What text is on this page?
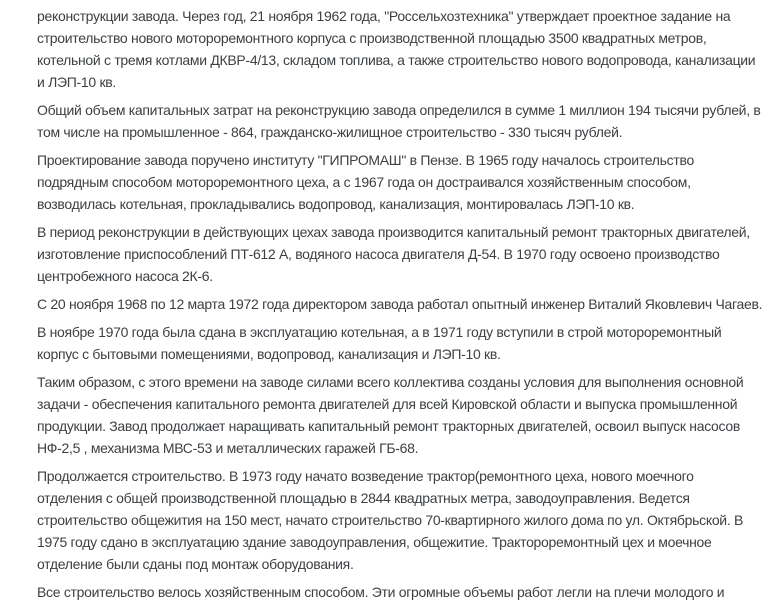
реконструкции завода. Через год, 21 ноября 1962 года, "Россельхозтехника" утверждает проектное задание на
строительство нового мотороремонтного корпуса с производственной площадью 3500 квадратных метров,
котельной с тремя котлами ДКВР-4/13, складом топлива, а также строительство нового водопровода, канализации
и ЛЭП-10 кв.
Общий объем капитальных затрат на реконструкцию завода определился в сумме 1 миллион 194 тысячи рублей, в
том числе на промышленное - 864, гражданско-жилищное строительство - 330 тысяч рублей.
Проектирование завода поручено институту "ГИПРОМАШ" в Пензе. В 1965 году началось строительство
подрядным способом мотороремонтного цеха, а с 1967 года он достраивался хозяйственным способом,
возводилась котельная, прокладывались водопровод, канализация, монтировалась ЛЭП-10 кв.
В период реконструкции в действующих цехах завода производится капитальный ремонт тракторных двигателей,
изготовление приспособлений ПТ-612 А, водяного насоса двигателя Д-54. В 1970 году освоено производство
центробежного насоса 2К-6.
С 20 ноября 1968 по 12 марта 1972 года директором завода работал опытный инженер Виталий Яковлевич Чагаев.
В ноябре 1970 года была сдана в эксплуатацию котельная, а в 1971 году вступили в строй мотороремонтный
корпус с бытовыми помещениями, водопровод, канализация и ЛЭП-10 кв.
Таким образом, с этого времени на заводе силами всего коллектива созданы условия для выполнения основной
задачи - обеспечения капитального ремонта двигателей для всей Кировской области и выпуска промышленной
продукции. Завод продолжает наращивать капитальный ремонт тракторных двигателей, освоил выпуск насосов
НФ-2,5 , механизма МВС-53 и металлических гаражей ГБ-68.
Продолжается строительство. В 1973 году начато возведение трактор(ремонтного цеха, нового моечного
отделения с общей производственной площадью в 2844 квадратных метра, заводоуправления. Ведется
строительство общежития на 150 мест, начато строительство 70-квартирного жилого дома по ул. Октябрьской. В
1975 году сдано в эксплуатацию здание заводоуправления, общежитие. Трактороремонтный цех и моечное
отделение были сданы под монтаж оборудования.
Все строительство велось хозяйственным способом. Эти огромные объемы работ легли на плечи молодого и
